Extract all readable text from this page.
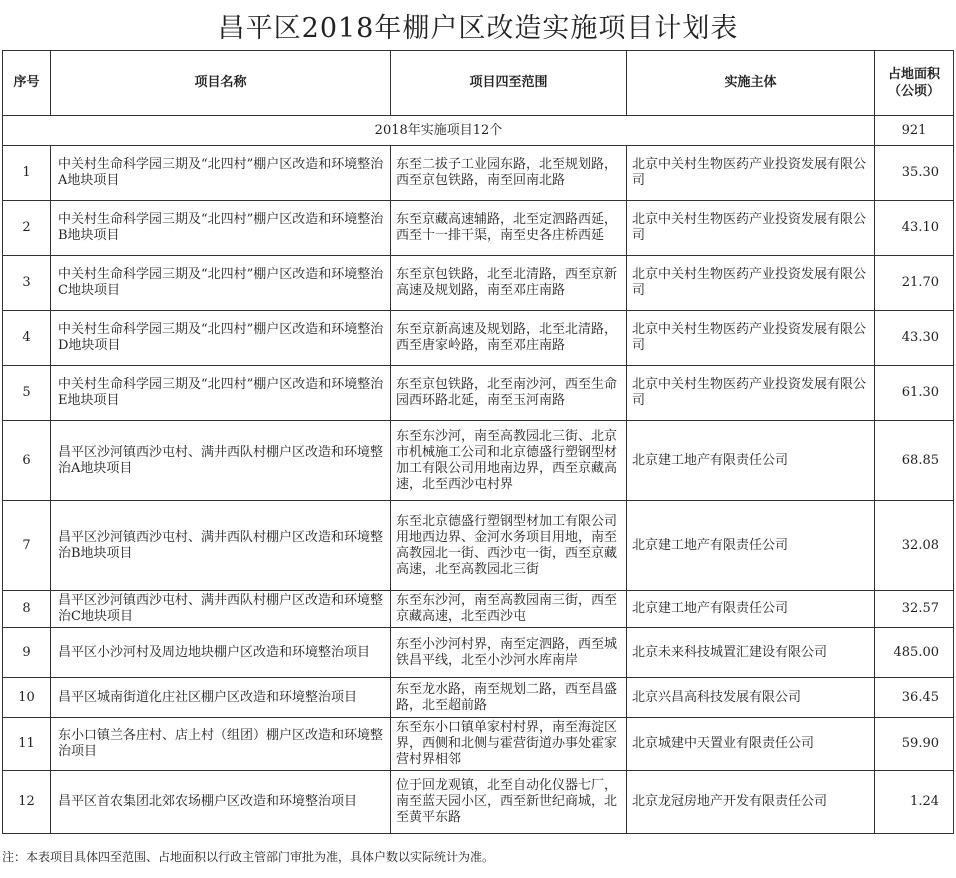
昌平区2018年棚户区改造实施项目计划表
序号	项目名称	项目四至范围	实施主体	占地面积
（公顷）
2018年实施项目12个				921
1	中关村生命科学园三期及“北四村”棚户区改造和环境整治A地块项目	东至二拔子工业园东路，北至规划路，西至京包铁路，南至回南北路	北京中关村生物医药产业投资发展有限公司	35.30
2	中关村生命科学园三期及“北四村”棚户区改造和环境整治B地块项目	东至京藏高速辅路，北至定泗路西延，西至十一排干渠，南至史各庄桥西延	北京中关村生物医药产业投资发展有限公司	43.10
3	中关村生命科学园三期及“北四村”棚户区改造和环境整治C地块项目	东至京包铁路，北至北清路，西至京新高速及规划路，南至邓庄南路	北京中关村生物医药产业投资发展有限公司	21.70
4	中关村生命科学园三期及“北四村”棚户区改造和环境整治D地块项目	东至京新高速及规划路，北至北清路，西至唐家岭路，南至邓庄南路	北京中关村生物医药产业投资发展有限公司	43.30
5	中关村生命科学园三期及“北四村”棚户区改造和环境整治E地块项目	东至京包铁路，北至南沙河，西至生命园西环路北延，南至玉河南路	北京中关村生物医药产业投资发展有限公司	61.30
6	昌平区沙河镇西沙屯村、满井西队村棚户区改造和环境整治A地块项目	东至东沙河，南至高教园北三街、北京市机械施工公司和北京德盛行塑钢型材加工有限公司用地南边界，西至京藏高速，北至西沙屯村界	北京建工地产有限责任公司	68.85
7	昌平区沙河镇西沙屯村、满井西队村棚户区改造和环境整治B地块项目	东至北京德盛行塑钢型材加工有限公司用地西边界、金河水务项目用地，南至高教园北一街、西沙屯一街，西至京藏高速，北至高教园北三街	北京建工地产有限责任公司	32.08
8	昌平区沙河镇西沙屯村、满井西队村棚户区改造和环境整治C地块项目	东至东沙河，南至高教园南三街，西至京藏高速，北至西沙屯	北京建工地产有限责任公司	32.57
9	昌平区小沙河村及周边地块棚户区改造和环境整治项目	东至小沙河村界，南至定泗路，西至城铁昌平线，北至小沙河水库南岸	北京未来科技城置汇建设有限公司	485.00
10	昌平区城南街道化庄社区棚户区改造和环境整治项目	东至龙水路，南至规划二路，西至昌盛路，北至超前路	北京兴昌高科技发展有限公司	36.45
11	东小口镇兰各庄村、店上村（组团）棚户区改造和环境整治项目	东至东小口镇单家村村界，南至海淀区界，西侧和北侧与霍营街道办事处霍家营村界相邻	北京城建中天置业有限责任公司	59.90
12	昌平区首农集团北郊农场棚户区改造和环境整治项目	位于回龙观镇，北至自动化仪器七厂，南至蓝天园小区，西至新世纪商城，北至黄平东路	北京龙冠房地产开发有限责任公司	1.24
注：本表项目具体四至范围、占地面积以行政主管部门审批为准，具体户数以实际统计为准。
